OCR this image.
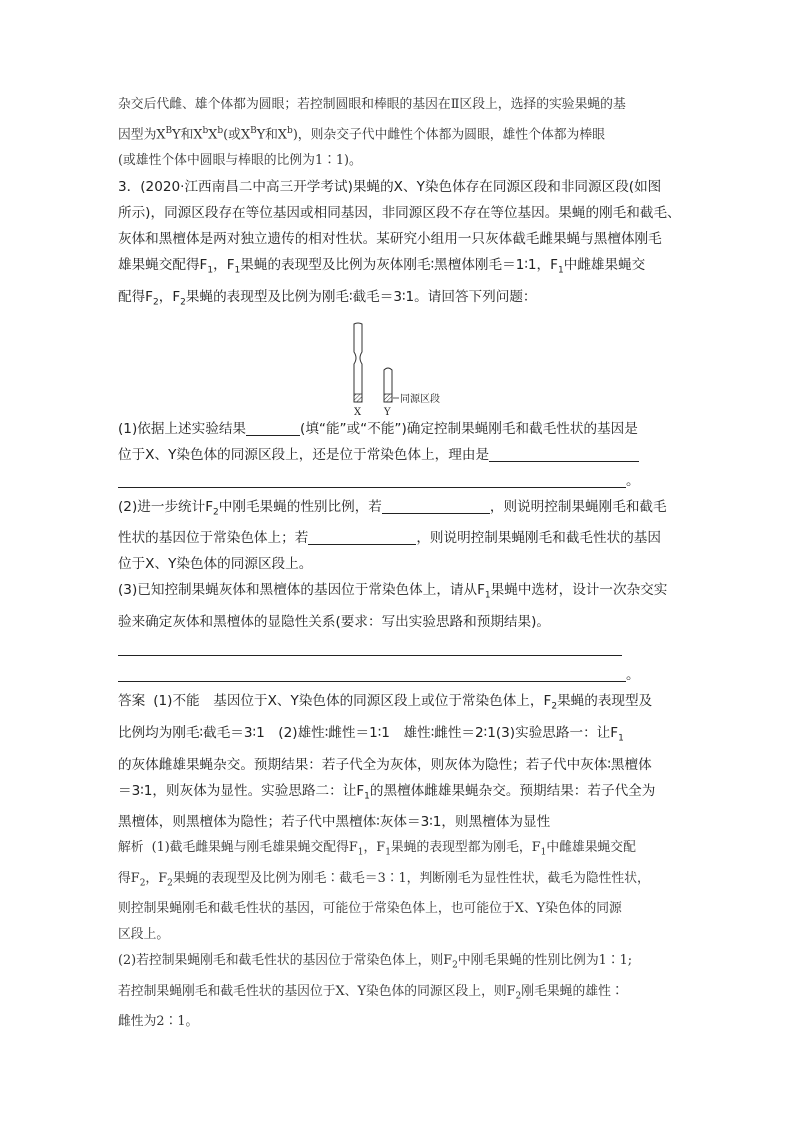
杂交后代雌、雄个体都为圆眼；若控制圆眼和棒眼的基因在Ⅱ区段上，选择的实验果蝇的基
因型为$X^BY$和$X^bX^b$(或$X^BY$和$X^b$)，则杂交子代中雌性个体都为圆眼，雄性个体都为棒眼
(或雄性个体中圆眼与棒眼的比例为1∶1)。
3．(2020·江西南昌二中高三开学考试)果蝇的X、Y染色体存在同源区段和非同源区段(如图
所示)，同源区段存在等位基因或相同基因，非同源区段不存在等位基因。果蝇的刚毛和截毛、
灰体和黑檀体是两对独立遗传的相对性状。某研究小组用一只灰体截毛雌果蝇与黑檀体刚毛
雄果蝇交配得$F_1$，$F_1$果蝇的表现型及比例为灰体刚毛∶黑檀体刚毛＝1∶1，$F_1$中雌雄果蝇交
配得$F_2$，$F_2$果蝇的表现型及比例为刚毛∶截毛＝3∶1。请回答下列问题：
同源区段
X Y
(1)依据上述实验结果	(填“能”或“不能”)确定控制果蝇刚毛和截毛性状的基因是
位于X、Y染色体的同源区段上，还是位于常染色体上，理由是
。
(2)进一步统计$F_2$中刚毛果蝇的性别比例，若	，则说明控制果蝇刚毛和截毛
性状的基因位于常染色体上；若	，则说明控制果蝇刚毛和截毛性状的基因
位于X、Y染色体的同源区段上。
(3)已知控制果蝇灰体和黑檀体的基因位于常染色体上，请从$F_1$果蝇中选材，设计一次杂交实
验来确定灰体和黑檀体的显隐性关系(要求：写出实验思路和预期结果)。
。
答案 (1)不能　基因位于X、Y染色体的同源区段上或位于常染色体上，$F_2$果蝇的表现型及
比例均为刚毛∶截毛＝3∶1　(2)雄性∶雌性＝1∶1　雄性∶雌性＝2∶1(3)实验思路一：让$F_1$
的灰体雌雄果蝇杂交。预期结果：若子代全为灰体，则灰体为隐性；若子代中灰体∶黑檀体
＝3∶1，则灰体为显性。实验思路二：让$F_1$的黑檀体雌雄果蝇杂交。预期结果：若子代全为
黑檀体，则黑檀体为隐性；若子代中黑檀体∶灰体＝3∶1，则黑檀体为显性
解析 (1)截毛雌果蝇与刚毛雄果蝇交配得$F_1$，$F_1$果蝇的表现型都为刚毛，$F_1$中雌雄果蝇交配
得$F_2$，$F_2$果蝇的表现型及比例为刚毛∶截毛＝3∶1，判断刚毛为显性性状，截毛为隐性性状，
则控制果蝇刚毛和截毛性状的基因，可能位于常染色体上，也可能位于X、Y染色体的同源
区段上。
(2)若控制果蝇刚毛和截毛性状的基因位于常染色体上，则$F_2$中刚毛果蝇的性别比例为1∶1;
若控制果蝇刚毛和截毛性状的基因位于X、Y染色体的同源区段上，则$F_2$刚毛果蝇的雄性∶
雌性为2∶1。
